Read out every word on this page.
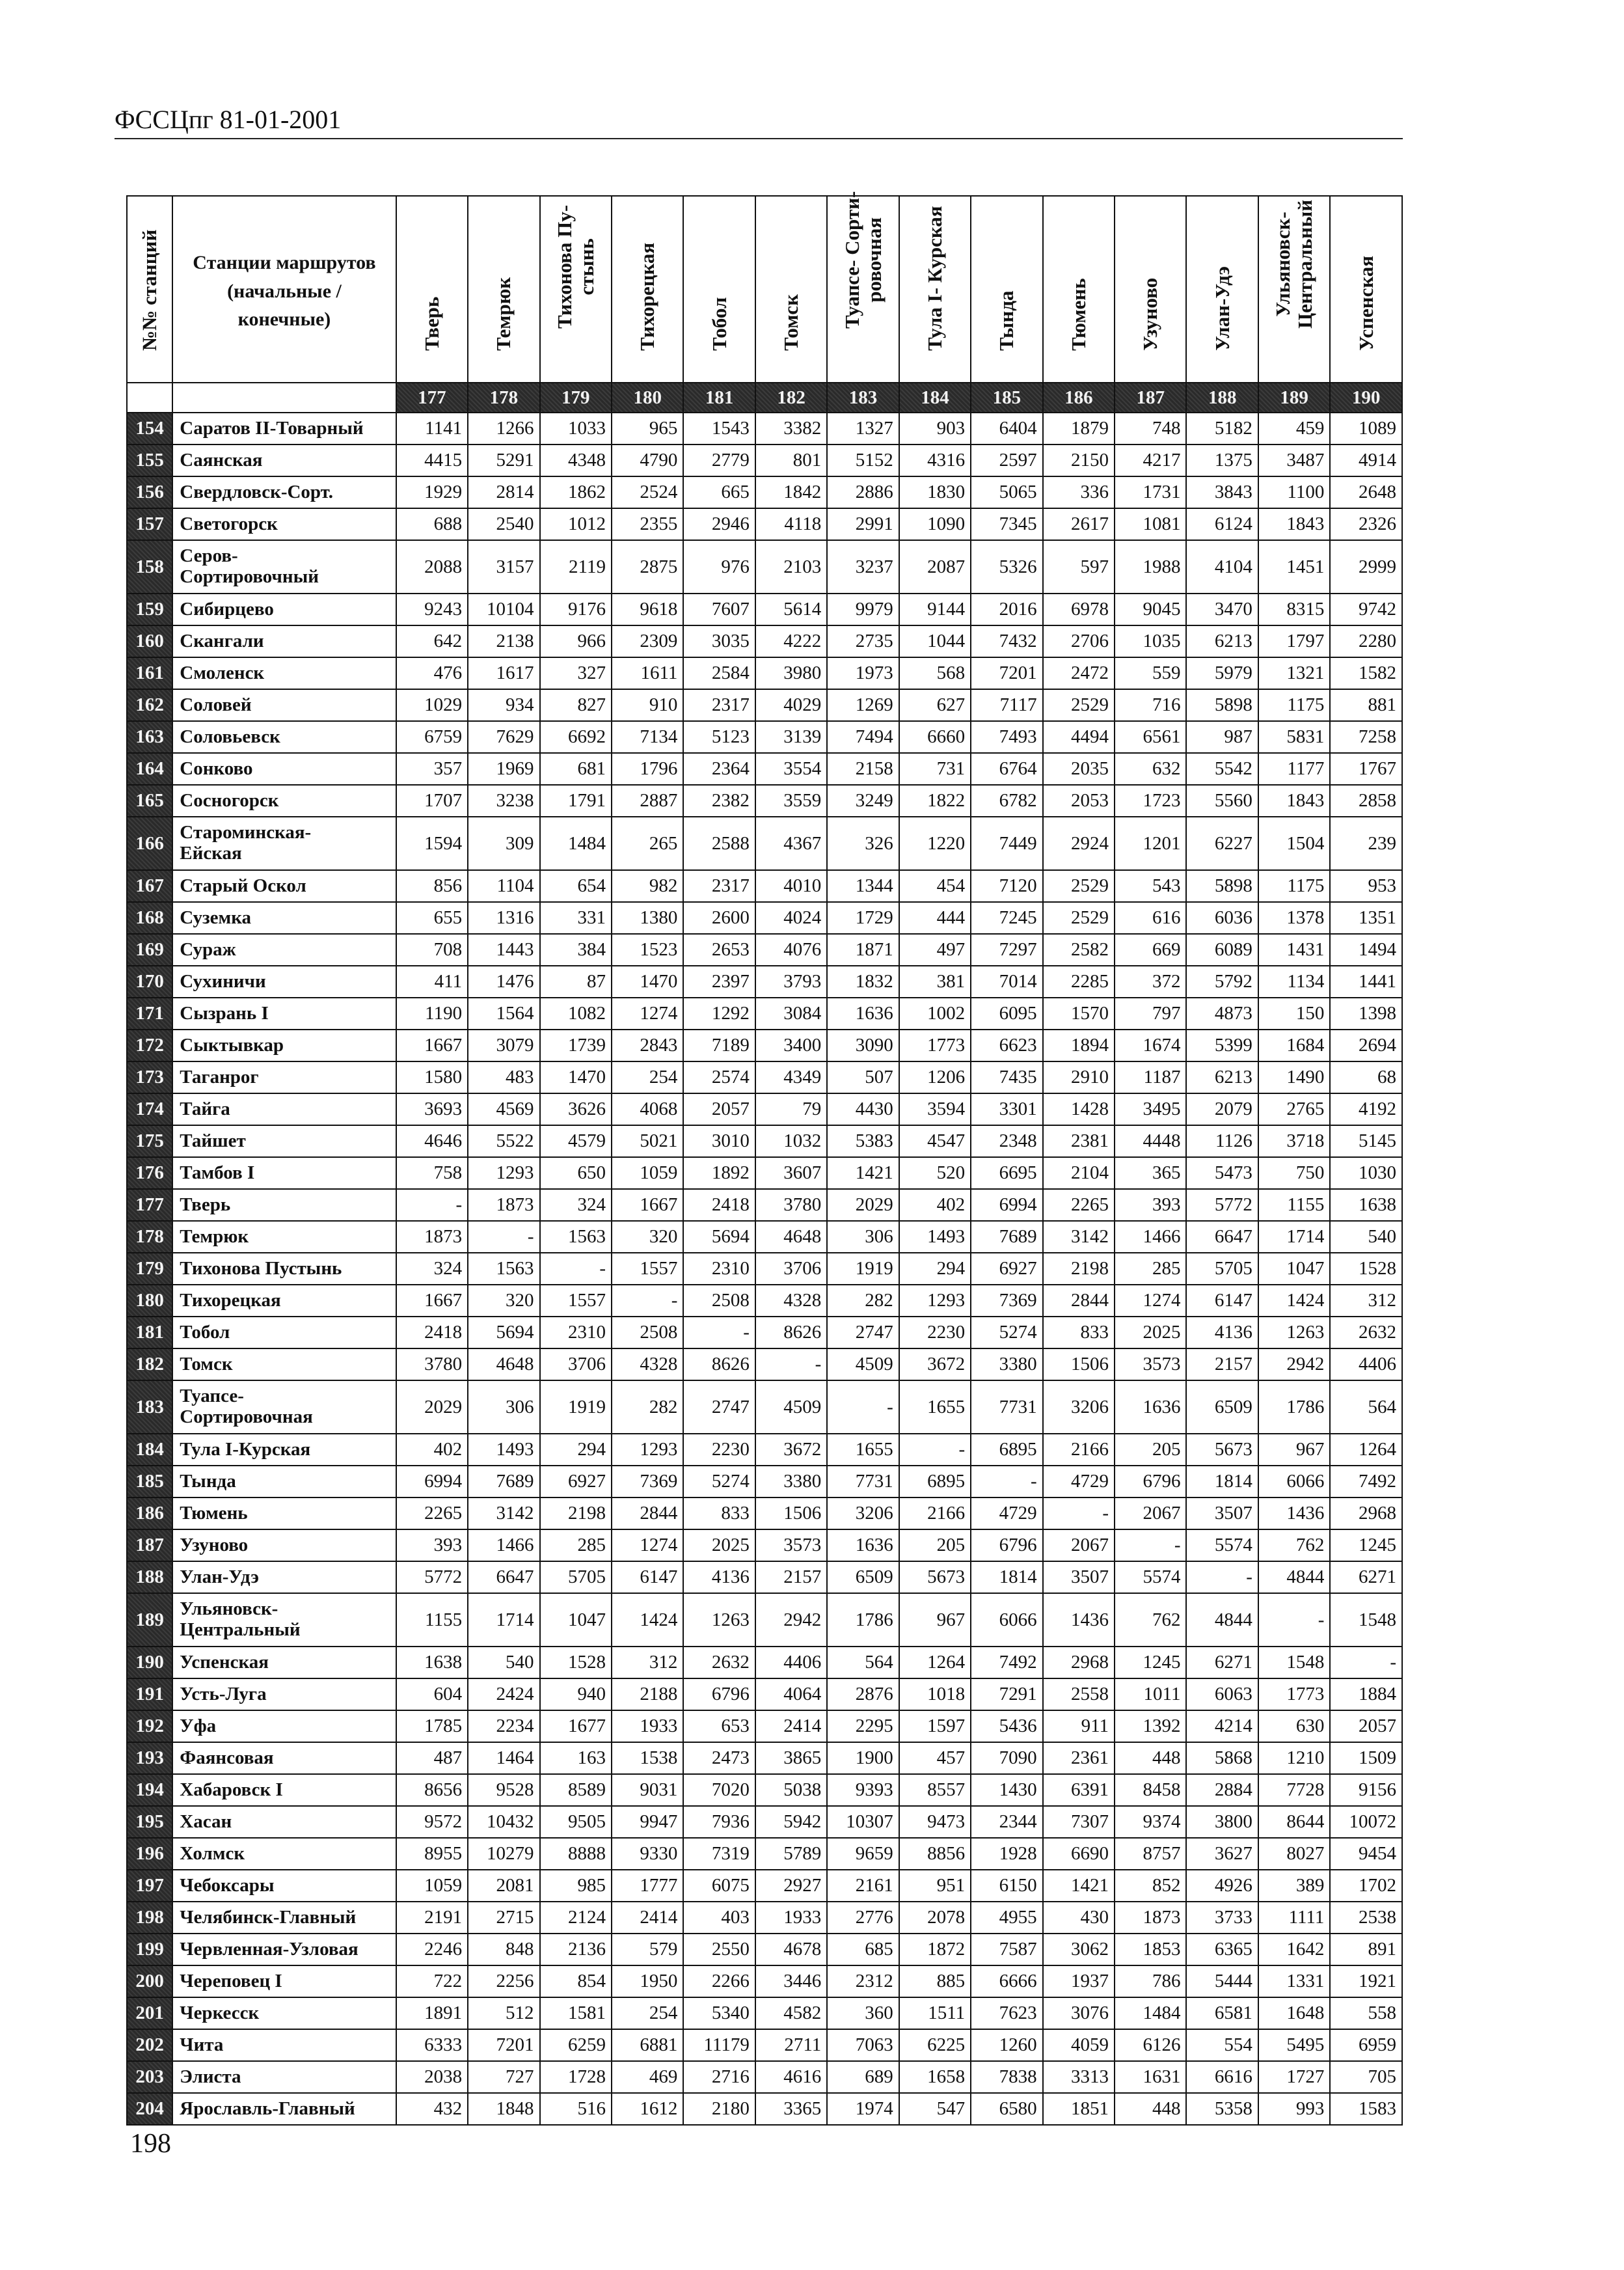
ФССЦпг 81-01-2001
№№ станций	Станции маршрутов
(начальные /
конечные)	Тверь	Темрюк	Тихонова Пу-
стынь	Тихорецкая	Тобол	Томск	Туапсе- Сорти-
ровочная	Тула I- Курская	Тында	Тюмень	Узуново	Улан-Удэ	Ульяновск-
Центральный	Успенская

		177	178	179	180	181	182	183	184	185	186	187	188	189	190
154	Саратов II-Товарный	1141	1266	1033	965	1543	3382	1327	903	6404	1879	748	5182	459	1089
155	Саянская	4415	5291	4348	4790	2779	801	5152	4316	2597	2150	4217	1375	3487	4914
156	Свердловск-Сорт.	1929	2814	1862	2524	665	1842	2886	1830	5065	336	1731	3843	1100	2648
157	Светогорск	688	2540	1012	2355	2946	4118	2991	1090	7345	2617	1081	6124	1843	2326
158	Серов-
Сортировочный	2088	3157	2119	2875	976	2103	3237	2087	5326	597	1988	4104	1451	2999
159	Сибирцево	9243	10104	9176	9618	7607	5614	9979	9144	2016	6978	9045	3470	8315	9742
160	Скангали	642	2138	966	2309	3035	4222	2735	1044	7432	2706	1035	6213	1797	2280
161	Смоленск	476	1617	327	1611	2584	3980	1973	568	7201	2472	559	5979	1321	1582
162	Соловей	1029	934	827	910	2317	4029	1269	627	7117	2529	716	5898	1175	881
163	Соловьевск	6759	7629	6692	7134	5123	3139	7494	6660	7493	4494	6561	987	5831	7258
164	Сонково	357	1969	681	1796	2364	3554	2158	731	6764	2035	632	5542	1177	1767
165	Сосногорск	1707	3238	1791	2887	2382	3559	3249	1822	6782	2053	1723	5560	1843	2858
166	Староминская-
Ейская	1594	309	1484	265	2588	4367	326	1220	7449	2924	1201	6227	1504	239
167	Старый Оскол	856	1104	654	982	2317	4010	1344	454	7120	2529	543	5898	1175	953
168	Суземка	655	1316	331	1380	2600	4024	1729	444	7245	2529	616	6036	1378	1351
169	Сураж	708	1443	384	1523	2653	4076	1871	497	7297	2582	669	6089	1431	1494
170	Сухиничи	411	1476	87	1470	2397	3793	1832	381	7014	2285	372	5792	1134	1441
171	Сызрань I	1190	1564	1082	1274	1292	3084	1636	1002	6095	1570	797	4873	150	1398
172	Сыктывкар	1667	3079	1739	2843	7189	3400	3090	1773	6623	1894	1674	5399	1684	2694
173	Таганрог	1580	483	1470	254	2574	4349	507	1206	7435	2910	1187	6213	1490	68
174	Тайга	3693	4569	3626	4068	2057	79	4430	3594	3301	1428	3495	2079	2765	4192
175	Тайшет	4646	5522	4579	5021	3010	1032	5383	4547	2348	2381	4448	1126	3718	5145
176	Тамбов I	758	1293	650	1059	1892	3607	1421	520	6695	2104	365	5473	750	1030
177	Тверь	-	1873	324	1667	2418	3780	2029	402	6994	2265	393	5772	1155	1638
178	Темрюк	1873	-	1563	320	5694	4648	306	1493	7689	3142	1466	6647	1714	540
179	Тихонова Пустынь	324	1563	-	1557	2310	3706	1919	294	6927	2198	285	5705	1047	1528
180	Тихорецкая	1667	320	1557	-	2508	4328	282	1293	7369	2844	1274	6147	1424	312
181	Тобол	2418	5694	2310	2508	-	8626	2747	2230	5274	833	2025	4136	1263	2632
182	Томск	3780	4648	3706	4328	8626	-	4509	3672	3380	1506	3573	2157	2942	4406
183	Туапсе-
Сортировочная	2029	306	1919	282	2747	4509	-	1655	7731	3206	1636	6509	1786	564
184	Тула I-Курская	402	1493	294	1293	2230	3672	1655	-	6895	2166	205	5673	967	1264
185	Тында	6994	7689	6927	7369	5274	3380	7731	6895	-	4729	6796	1814	6066	7492
186	Тюмень	2265	3142	2198	2844	833	1506	3206	2166	4729	-	2067	3507	1436	2968
187	Узуново	393	1466	285	1274	2025	3573	1636	205	6796	2067	-	5574	762	1245
188	Улан-Удэ	5772	6647	5705	6147	4136	2157	6509	5673	1814	3507	5574	-	4844	6271
189	Ульяновск-
Центральный	1155	1714	1047	1424	1263	2942	1786	967	6066	1436	762	4844	-	1548
190	Успенская	1638	540	1528	312	2632	4406	564	1264	7492	2968	1245	6271	1548	-
191	Усть-Луга	604	2424	940	2188	6796	4064	2876	1018	7291	2558	1011	6063	1773	1884
192	Уфа	1785	2234	1677	1933	653	2414	2295	1597	5436	911	1392	4214	630	2057
193	Фаянсовая	487	1464	163	1538	2473	3865	1900	457	7090	2361	448	5868	1210	1509
194	Хабаровск I	8656	9528	8589	9031	7020	5038	9393	8557	1430	6391	8458	2884	7728	9156
195	Хасан	9572	10432	9505	9947	7936	5942	10307	9473	2344	7307	9374	3800	8644	10072
196	Холмск	8955	10279	8888	9330	7319	5789	9659	8856	1928	6690	8757	3627	8027	9454
197	Чебоксары	1059	2081	985	1777	6075	2927	2161	951	6150	1421	852	4926	389	1702
198	Челябинск-Главный	2191	2715	2124	2414	403	1933	2776	2078	4955	430	1873	3733	1111	2538
199	Червленная-Узловая	2246	848	2136	579	2550	4678	685	1872	7587	3062	1853	6365	1642	891
200	Череповец I	722	2256	854	1950	2266	3446	2312	885	6666	1937	786	5444	1331	1921
201	Черкесск	1891	512	1581	254	5340	4582	360	1511	7623	3076	1484	6581	1648	558
202	Чита	6333	7201	6259	6881	11179	2711	7063	6225	1260	4059	6126	554	5495	6959
203	Элиста	2038	727	1728	469	2716	4616	689	1658	7838	3313	1631	6616	1727	705
204	Ярославль-Главный	432	1848	516	1612	2180	3365	1974	547	6580	1851	448	5358	993	1583
198
